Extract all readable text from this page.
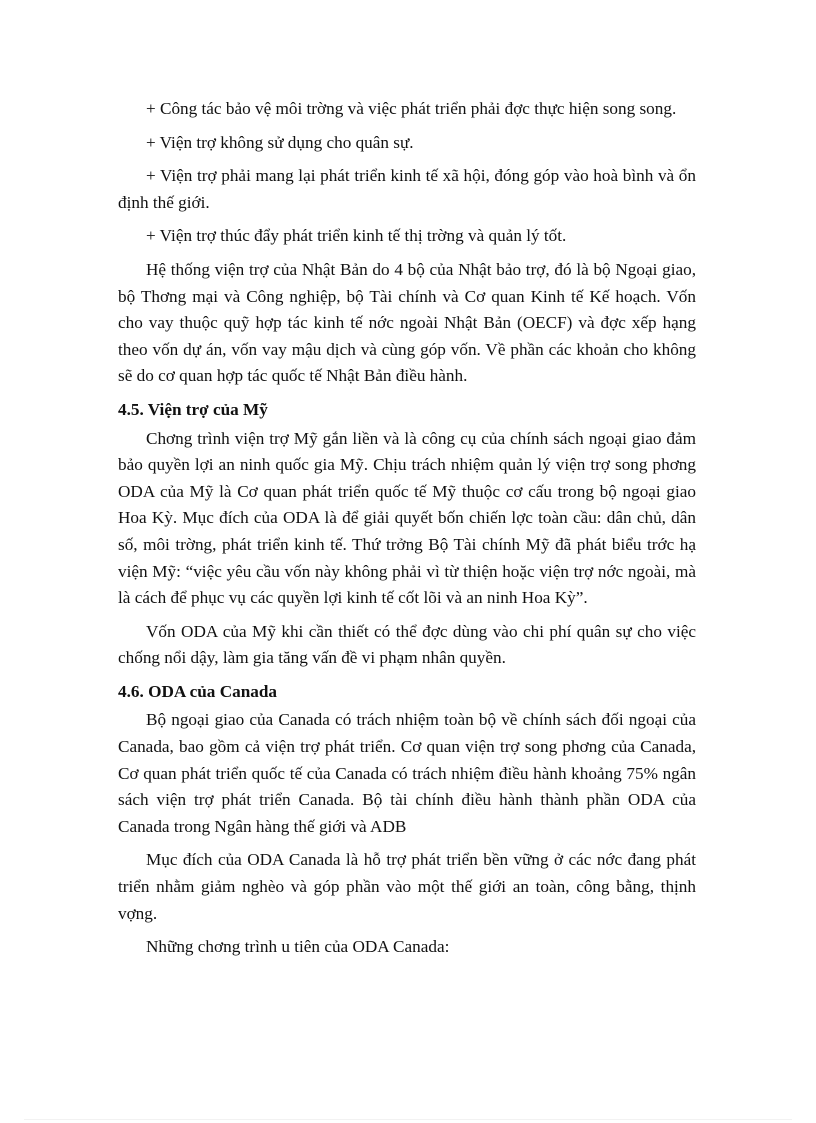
+ Công tác bảo vệ môi trờng và việc phát triển phải đợc thực hiện song song.

+ Viện trợ không sử dụng cho quân sự.

+ Viện trợ phải mang lại phát triển kinh tế xã hội, đóng góp vào hoà bình và ổn định thế giới.

+ Viện trợ thúc đẩy phát triển kinh tế thị trờng và quản lý tốt.

Hệ thống viện trợ của Nhật Bản do 4 bộ của Nhật bảo trợ, đó là bộ Ngoại giao, bộ Thơng mại và Công nghiệp, bộ Tài chính và Cơ quan Kinh tế Kế hoạch. Vốn cho vay thuộc quỹ hợp tác kinh tế nớc ngoài Nhật Bản (OECF) và đợc xếp hạng theo vốn dự án, vốn vay mậu dịch và cùng góp vốn. Về phần các khoản cho không sẽ do cơ quan hợp tác quốc tế Nhật Bản điều hành.

4.5. Viện trợ của Mỹ

Chơng trình viện trợ Mỹ gắn liền và là công cụ của chính sách ngoại giao đảm bảo quyền lợi an ninh quốc gia Mỹ. Chịu trách nhiệm quản lý viện trợ song phơng ODA của Mỹ là Cơ quan phát triển quốc tế Mỹ thuộc cơ cấu trong bộ ngoại giao Hoa Kỳ. Mục đích của ODA là để giải quyết bốn chiến lợc toàn cầu: dân chủ, dân số, môi trờng, phát triển kinh tế. Thứ trởng Bộ Tài chính Mỹ đã phát biểu trớc hạ viện Mỹ: “việc yêu cầu vốn này không phải vì từ thiện hoặc viện trợ nớc ngoài, mà là cách để phục vụ các quyền lợi kinh tế cốt lõi và an ninh Hoa Kỳ”.

Vốn ODA của Mỹ khi cần thiết có thể đợc dùng vào chi phí quân sự cho việc chống nổi dậy, làm gia tăng vấn đề vi phạm nhân quyền.

4.6. ODA của Canada

Bộ ngoại giao của Canada có trách nhiệm toàn bộ về chính sách đối ngoại của Canada, bao gồm cả viện trợ phát triển. Cơ quan viện trợ song phơng của Canada, Cơ quan phát triển quốc tế của Canada có trách nhiệm điều hành khoảng 75% ngân sách viện trợ phát triển Canada. Bộ tài chính điều hành thành phần ODA của Canada trong Ngân hàng thế giới và ADB

Mục đích của ODA Canada là hỗ trợ phát triển bền vững ở các nớc đang phát triển nhằm giảm nghèo và góp phần vào một thế giới an toàn, công bằng, thịnh vợng.

Những chơng trình u tiên của ODA Canada:
